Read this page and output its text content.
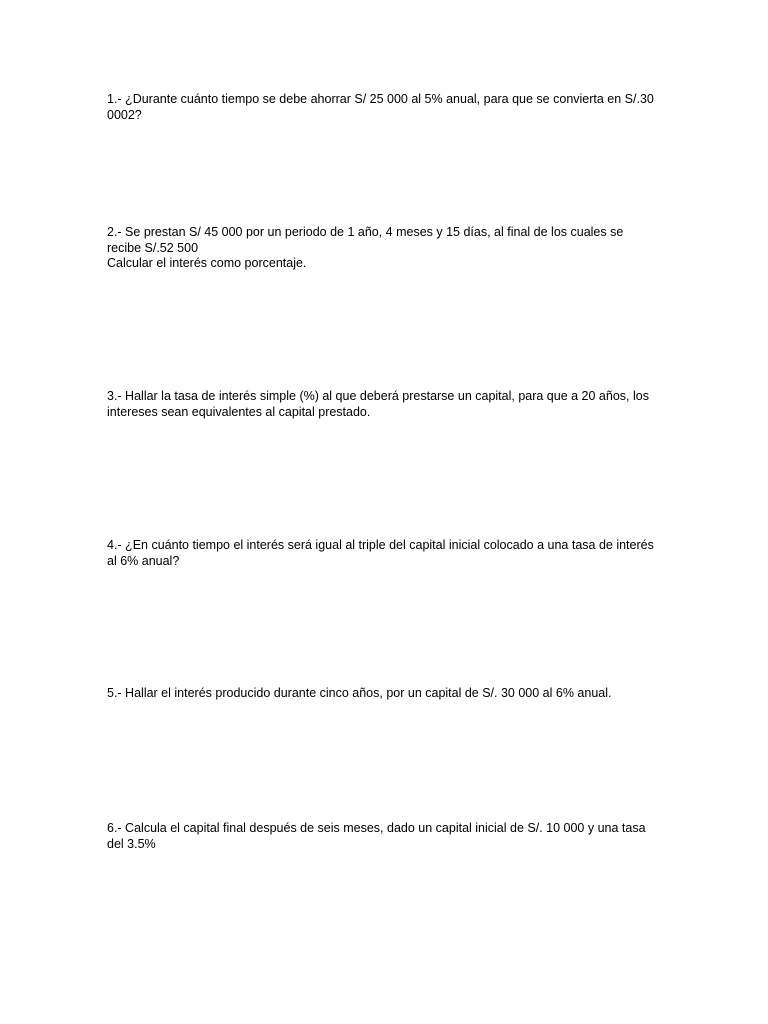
1.- ¿Durante cuánto tiempo se debe ahorrar S/ 25 000 al 5% anual, para que se convierta en S/.30
0002?
2.- Se prestan S/ 45 000 por un periodo de 1 año, 4 meses y 15 días, al final de los cuales se
recibe S/.52 500
Calcular el interés como porcentaje.
3.- Hallar la tasa de interés simple (%) al que deberá prestarse un capital, para que a 20 años, los
intereses sean equivalentes al capital prestado.
4.- ¿En cuánto tiempo el interés será igual al triple del capital inicial colocado a una tasa de interés
al 6% anual?
5.- Hallar el interés producido durante cinco años, por un capital de S/. 30 000 al 6% anual.
6.- Calcula el capital final después de seis meses, dado un capital inicial de S/. 10 000 y una tasa
del 3.5%
